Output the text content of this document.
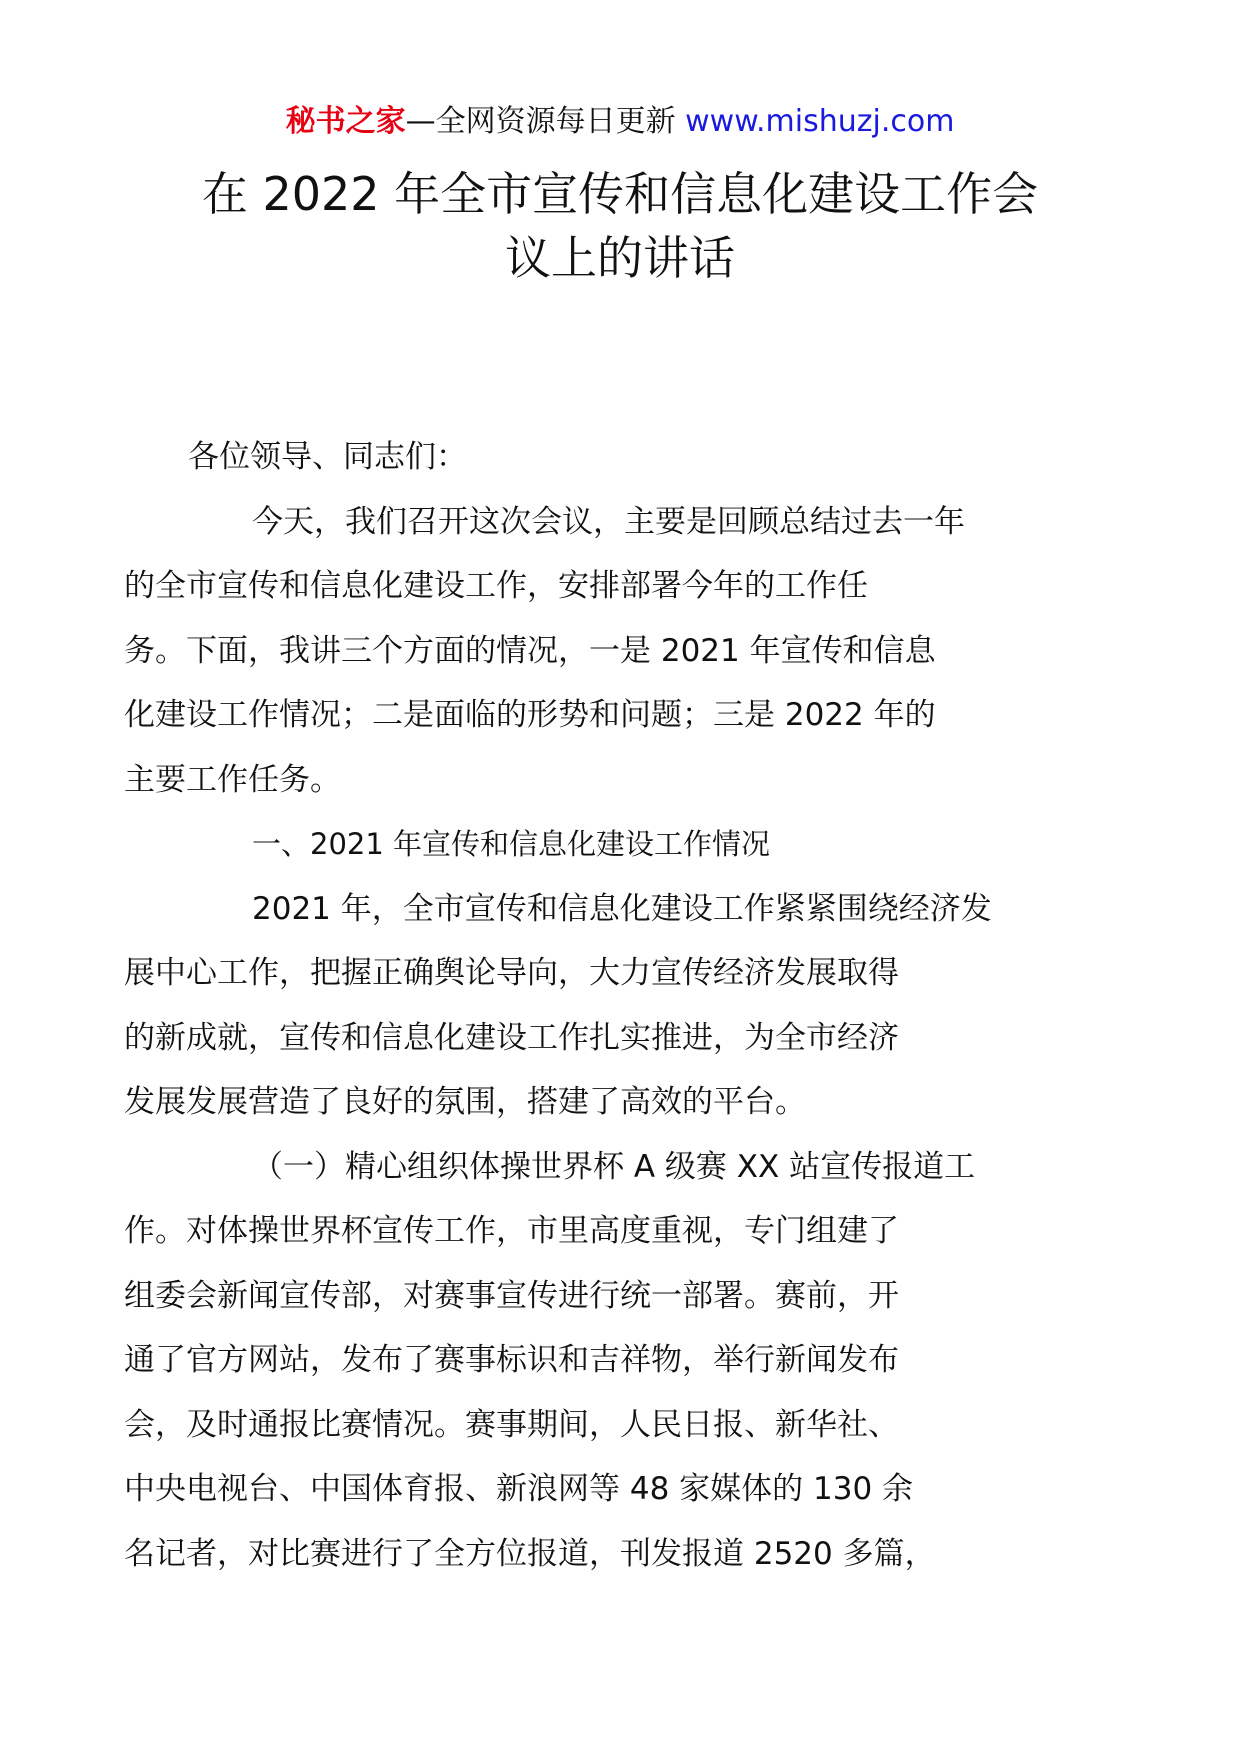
秘书之家—全网资源每日更新 www.mishuzj.com
在 2022 年全市宣传和信息化建设工作会
议上的讲话

各位领导、同志们：

今天，我们召开这次会议，主要是回顾总结过去一年
的全市宣传和信息化建设工作，安排部署今年的工作任
务。下面，我讲三个方面的情况，一是 2021 年宣传和信息
化建设工作情况；二是面临的形势和问题；三是 2022 年的
主要工作任务。

一、2021 年宣传和信息化建设工作情况

2021 年，全市宣传和信息化建设工作紧紧围绕经济发
展中心工作，把握正确舆论导向，大力宣传经济发展取得
的新成就，宣传和信息化建设工作扎实推进，为全市经济
发展发展营造了良好的氛围，搭建了高效的平台。

（一）精心组织体操世界杯 A 级赛 XX 站宣传报道工
作。对体操世界杯宣传工作，市里高度重视，专门组建了
组委会新闻宣传部，对赛事宣传进行统一部署。赛前，开
通了官方网站，发布了赛事标识和吉祥物，举行新闻发布
会，及时通报比赛情况。赛事期间，人民日报、新华社、
中央电视台、中国体育报、新浪网等 48 家媒体的 130 余
名记者，对比赛进行了全方位报道，刊发报道 2520 多篇，
